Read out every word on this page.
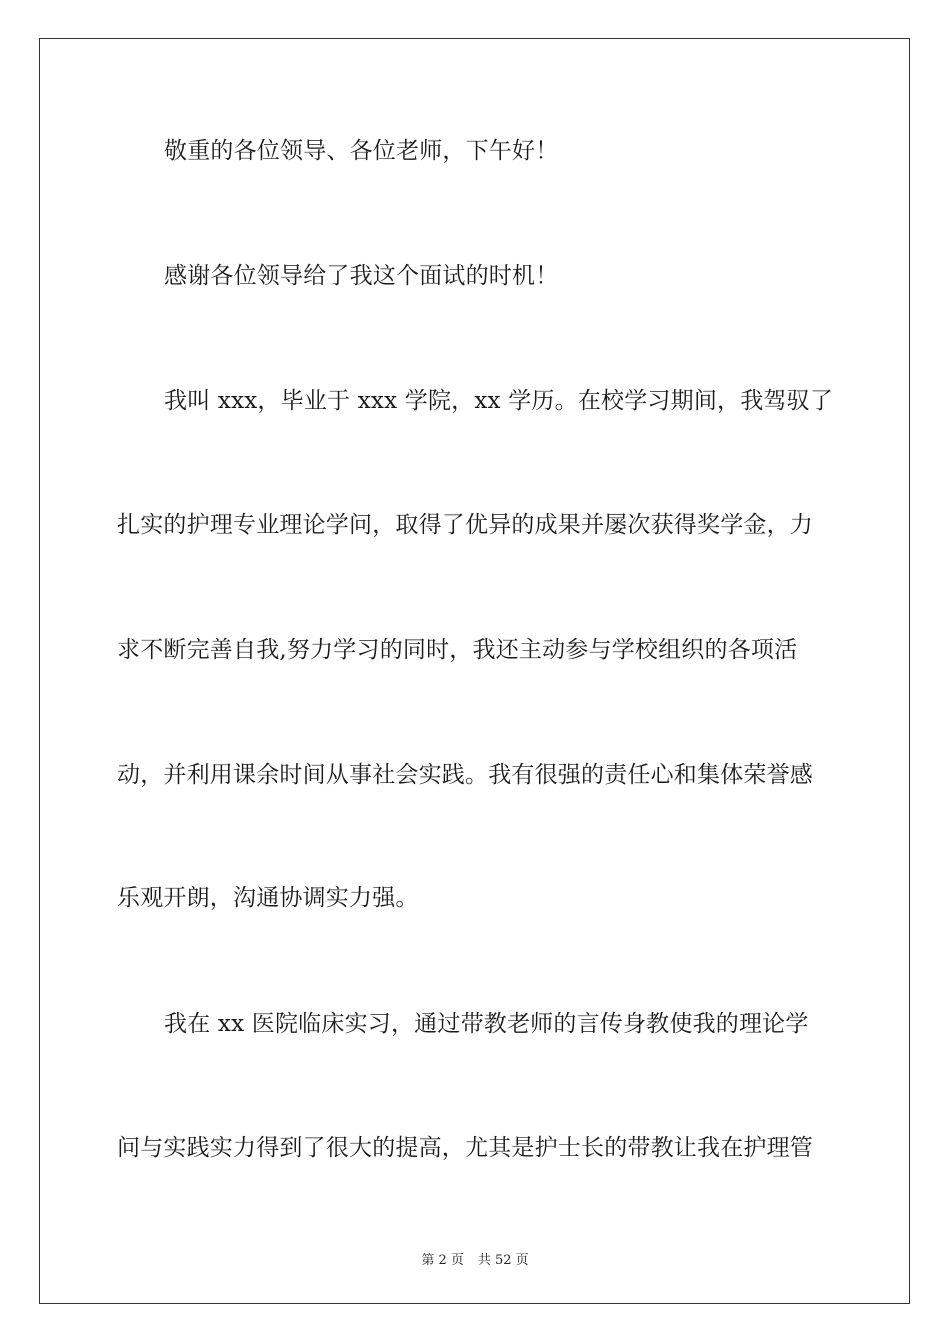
敬重的各位领导、各位老师，下午好！
感谢各位领导给了我这个面试的时机！
我叫 xxx，毕业于 xxx 学院，xx 学历。在校学习期间，我驾驭了
扎实的护理专业理论学问，取得了优异的成果并屡次获得奖学金，力
求不断完善自我,努力学习的同时，我还主动参与学校组织的各项活
动，并利用课余时间从事社会实践。我有很强的责任心和集体荣誉感
乐观开朗，沟通协调实力强。
我在 xx 医院临床实习，通过带教老师的言传身教使我的理论学
问与实践实力得到了很大的提高，尤其是护士长的带教让我在护理管
第 2 页 共 52 页
